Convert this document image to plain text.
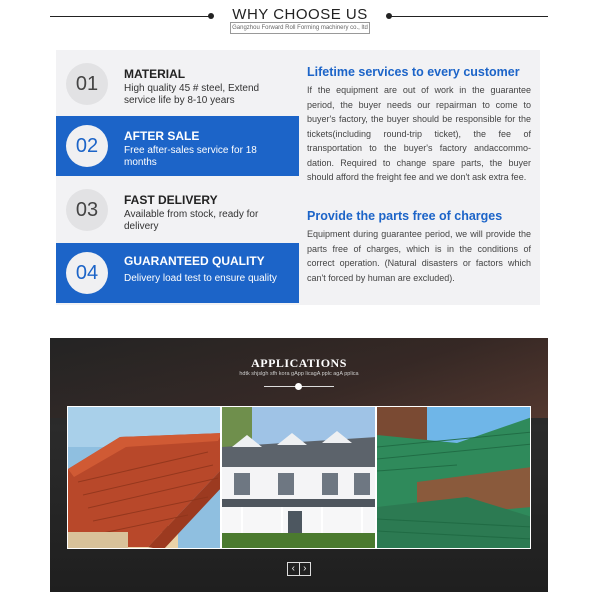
WHY CHOOSE US
Gangzhou Forward Roll Forming machinery co., ltd
01	MATERIAL
High quality 45 # steel, Extend service life by 8-10 years
02	AFTER SALE
Free after-sales service for 18 months
03	FAST DELIVERY
Available from stock, ready for delivery
04
GUARANTEED QUALITY
Delivery load test to ensure quality
Lifetime services to every customer

If the equipment are out of work in the guarantee period, the buyer needs our repairman to come to buyer's factory, the buyer should be responsible for the tickets(including round-trip ticket), the fee of transportation to the buyer's factory andaccommo-dation. Required to change spare parts, the buyer should afford the freight fee and we don't ask extra fee.

Provide the parts free of charges

Equipment during guarantee period, we will provide the parts free of charges, which is in the conditions of correct operation. (Natural disasters or factors which can't forced by human are excluded).

APPLICATIONS
hdtk shjslgh sfh kora gApp licagA pplc agA pplica
‹ ›
